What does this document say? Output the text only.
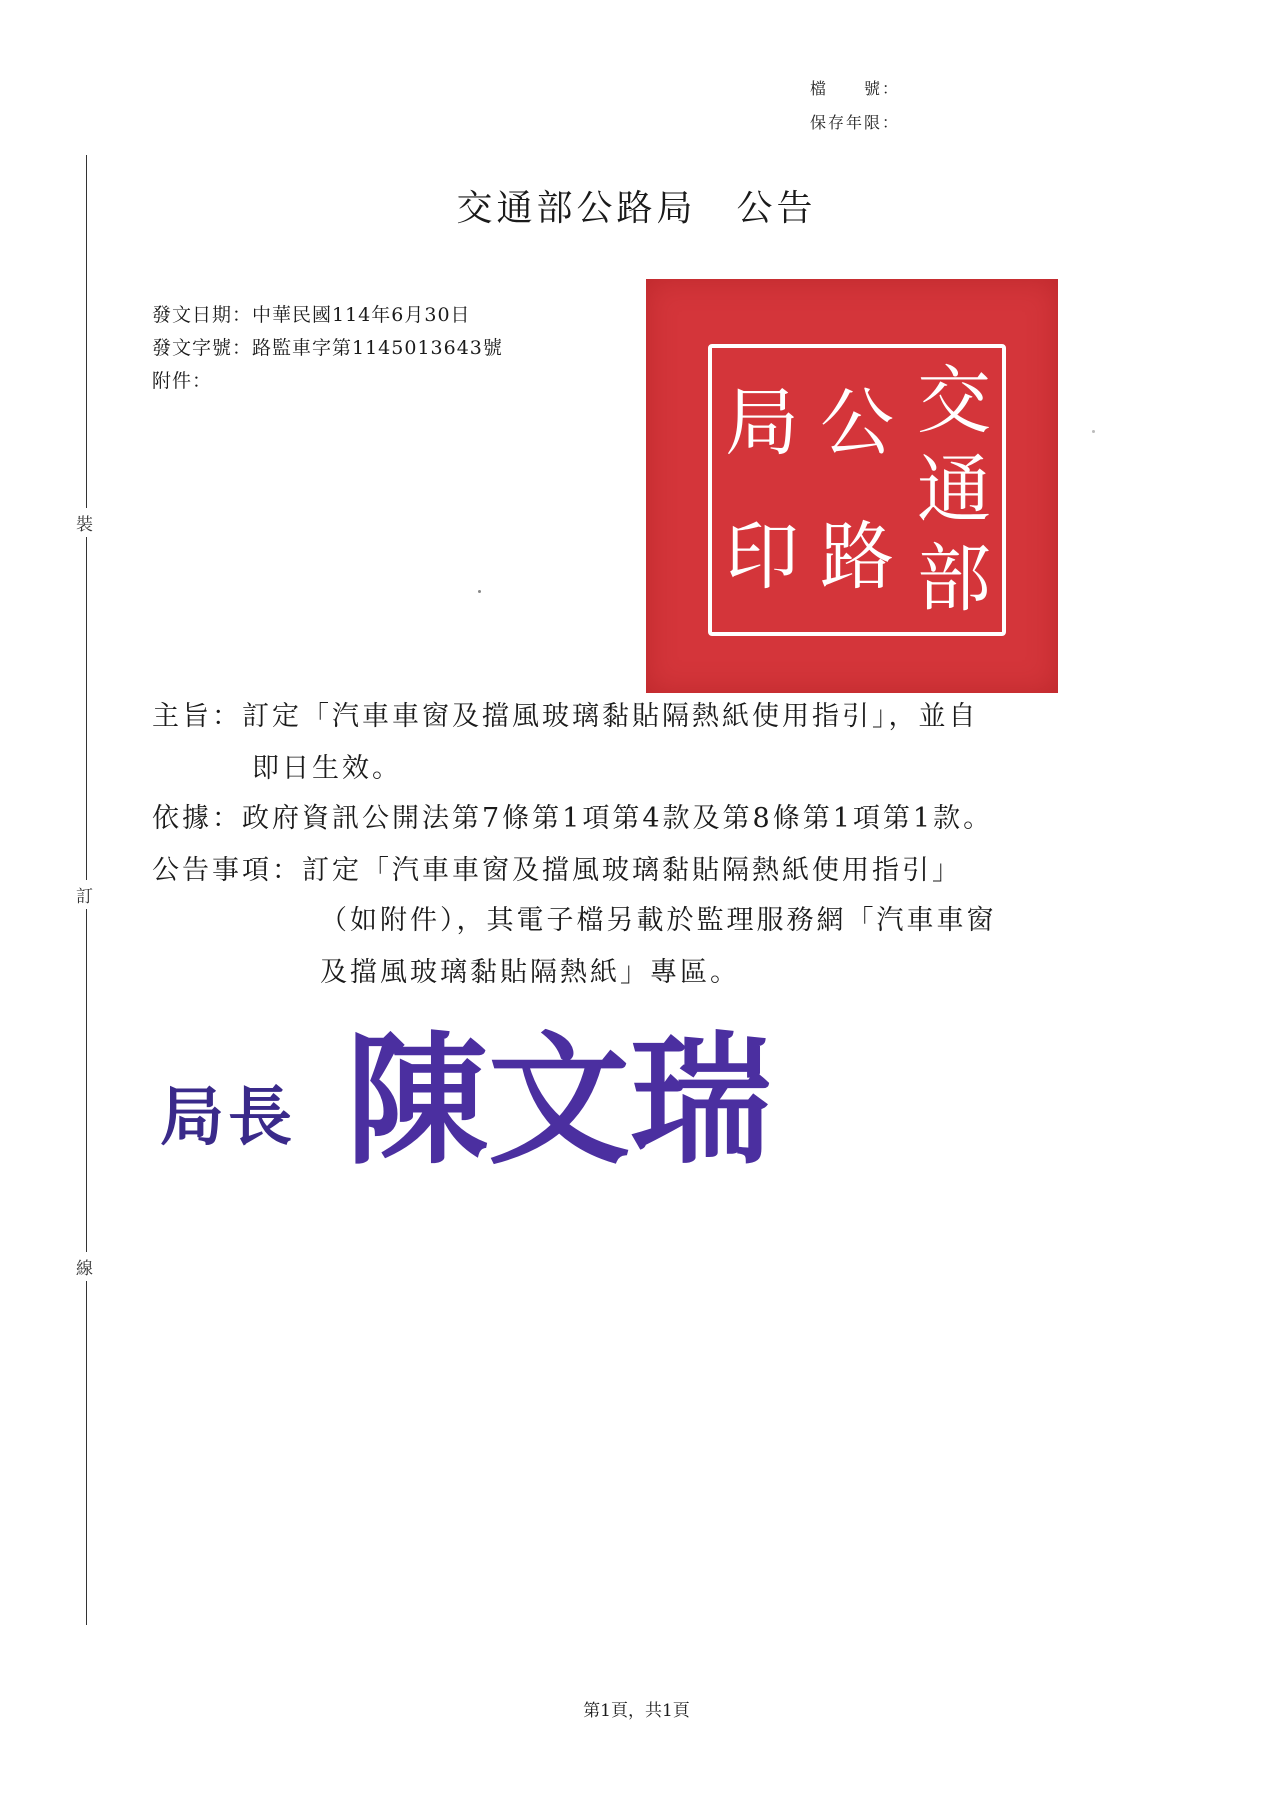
檔　　號：
保存年限：
裝
訂
線
交通部公路局　公告
發文日期：中華民國114年6月30日
發文字號：路監車字第1145013643號
附件：	交
通
部
公
路
局
印
主旨：訂定「汽車車窗及擋風玻璃黏貼隔熱紙使用指引」，並自
即日生效。
依據：政府資訊公開法第7條第1項第4款及第8條第1項第1款。
公告事項：訂定「汽車車窗及擋風玻璃黏貼隔熱紙使用指引」
（如附件），其電子檔另載於監理服務網「汽車車窗
及擋風玻璃黏貼隔熱紙」專區。
局長 陳文瑞
第1頁，共1頁
